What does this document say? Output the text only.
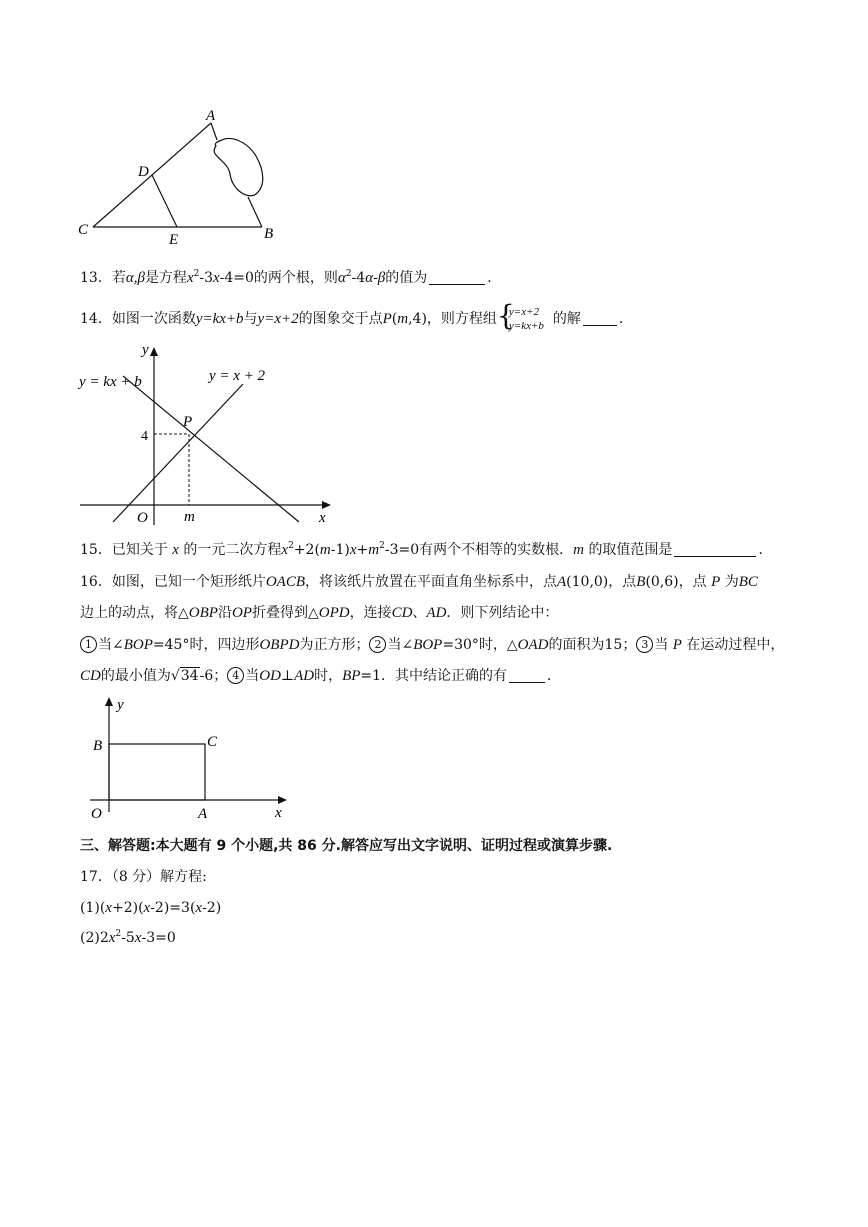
A
D
C
E	B
13．若α,β是方程$x^2-3x-4=0$的两个根，则$\alpha^2-4\alpha-\beta$的值为	．
14．如图一次函数y=kx+b与y=x+2的图象交于点P(m,4)，则方程组 {
y=x+2
y=kx+b 的解	．
y
x
O
y = kx + b	y = x + 2
P
4
m
15．已知关于 x 的一元二次方程$x^2+2(m-1)x+m^2-3=0$有两个不相等的实数根．m 的取值范围是	．
16．如图，已知一个矩形纸片OACB，将该纸片放置在平面直角坐标系中，点A(10,0)，点B(0,6)，点 P 为BC
边上的动点，将△OBP沿OP折叠得到△OPD，连接CD、AD．则下列结论中：
1 当∠BOP=45°时，四边形OBPD为正方形； 2 当∠BOP=30°时，△OAD的面积为15； 3 当 P 在运动过程中，
CD的最小值为√34-6； 4 当OD⊥AD时，BP=1．其中结论正确的有	．
y
x
O	A
B	C
三、解答题:本大题有 9 个小题,共 86 分.解答应写出文字说明、证明过程或演算步骤.
17．（8 分）解方程:
(1)(x+2)(x-2)=3(x-2)
$(2)2x^2-5x-3=0$
